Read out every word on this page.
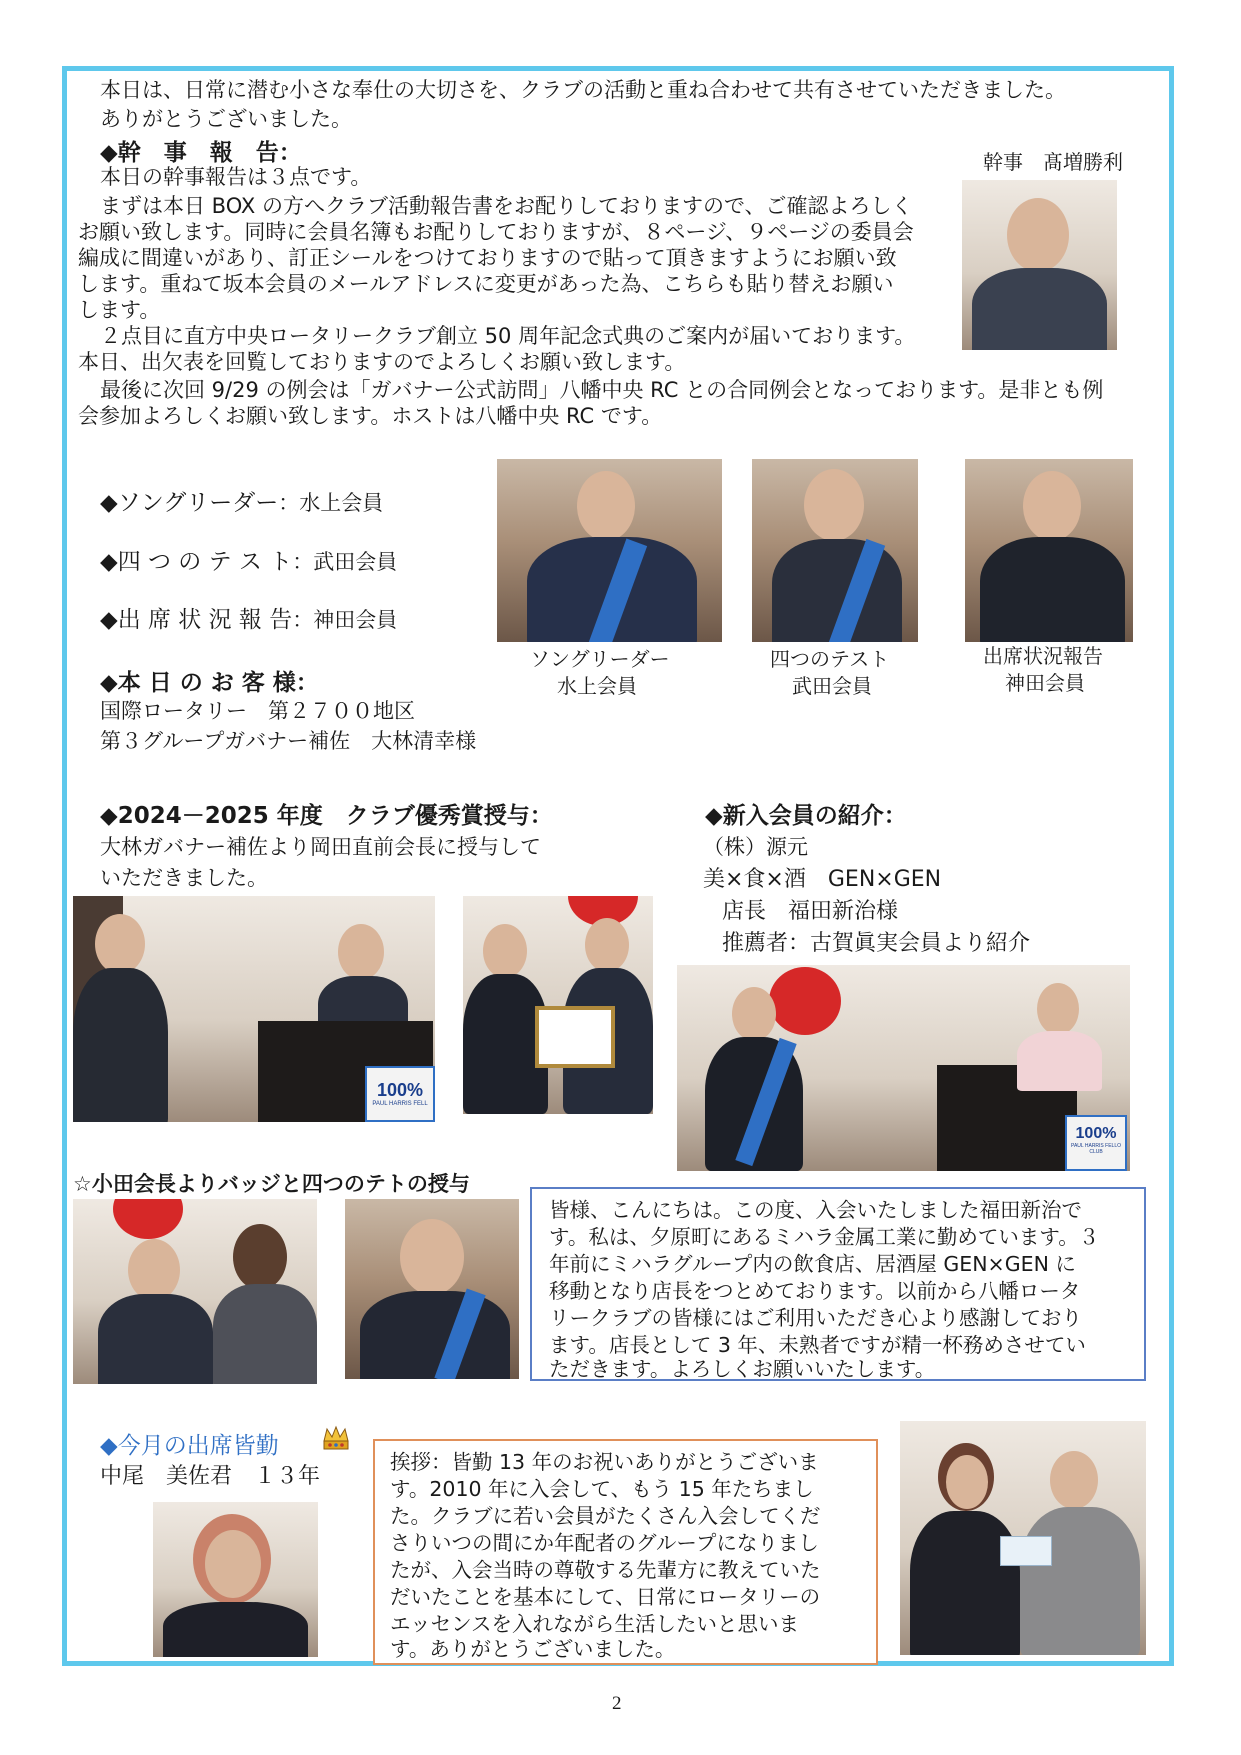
本日は、日常に潜む小さな奉仕の大切さを、クラブの活動と重ね合わせて共有させていただきました。
ありがとうございました。
◆幹　事　報　告：	幹事　髙増勝利
本日の幹事報告は３点です。
まずは本日 BOX の方へクラブ活動報告書をお配りしておりますので、ご確認よろしく
お願い致します。同時に会員名簿もお配りしておりますが、８ページ、９ページの委員会
編成に間違いがあり、訂正シールをつけておりますので貼って頂きますようにお願い致
します。重ねて坂本会員のメールアドレスに変更があった為、こちらも貼り替えお願い
します。
２点目に直方中央ロータリークラブ創立 50 周年記念式典のご案内が届いております。
本日、出欠表を回覧しておりますのでよろしくお願い致します。
最後に次回 9/29 の例会は「ガバナー公式訪問」八幡中央 RC との合同例会となっております。是非とも例
会参加よろしくお願い致します。ホストは八幡中央 RC です。
◆ソングリーダー：水上会員
◆四 つ の テ ス ト：武田会員
◆出 席 状 況 報 告：神田会員
◆本 日 の お 客 様：
国際ロータリー　第２７００地区
第３グループガバナー補佐　大林清幸様
ソングリーダー
水上会員
四つのテスト
武田会員
出席状況報告
神田会員
◆2024－2025 年度　クラブ優秀賞授与：
大林ガバナー補佐より岡田直前会長に授与して
いただきました。
100%
PAUL HARRIS FELL
◆新入会員の紹介：
（株）源元
美×食×酒　GEN×GEN
店長　福田新治様
推薦者：古賀眞実会員より紹介
100%
PAUL HARRIS FELLO
CLUB
☆小田会長よりバッジと四つのテトの授与
皆様、こんにちは。この度、入会いたしました福田新治で
す。私は、夕原町にあるミハラ金属工業に勤めています。３
年前にミハラグループ内の飲食店、居酒屋 GEN×GEN に
移動となり店長をつとめております。以前から八幡ロータ
リークラブの皆様にはご利用いただき心より感謝しており
ます。店長として 3 年、未熟者ですが精一杯務めさせてい
ただきます。よろしくお願いいたします。
◆今月の出席皆勤
中尾　美佐君　１３年
挨拶：皆勤 13 年のお祝いありがとうございま
す。2010 年に入会して、もう 15 年たちまし
た。クラブに若い会員がたくさん入会してくだ
さりいつの間にか年配者のグループになりまし
たが、入会当時の尊敬する先輩方に教えていた
だいたことを基本にして、日常にロータリーの
エッセンスを入れながら生活したいと思いま
す。ありがとうございました。
2
